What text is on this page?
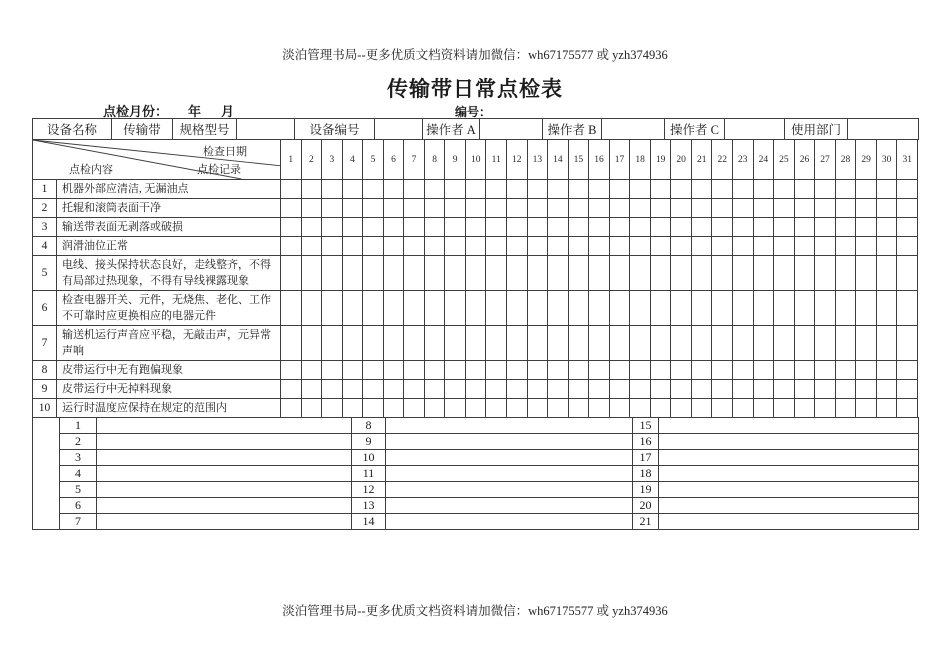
淡泊管理书局--更多优质文档资料请加微信：wh67175577 或 yzh374936
传输带日常点检表
点检月份： 年 月	编号：
设备名称	传输带	规格型号		设备编号		操作者 A		操作者 B		操作者 C		使用部门	
检查日期
点检内容 点检记录		1	2	3	4	5	6	7	8	9	10	11	12	13	14	15	16	17	18	19	20	21	22	23	24	25	26	27	28	29	30	31
1	机器外部应清洁, 无漏油点																															
2	托辊和滚筒表面干净																															
3	输送带表面无剥落或破损																															
4	润滑油位正常																															
5	电线、接头保持状态良好，走线整齐，不得有局部过热现象，不得有导线裸露现象																															
6	检查电器开关、元件，无烧焦、老化、工作不可靠时应更换相应的电器元件																															
7	输送机运行声音应平稳，无敲击声，元异常声响																															
8	皮带运行中无有跑偏现象																															
9	皮带运行中无掉料现象																															
10	运行时温度应保持在规定的范围内																															
	1		8		15	
	2		9		16	
	3		10		17	
	4		11		18	
	5		12		19	
	6		13		20	
	7		14		21	
淡泊管理书局--更多优质文档资料请加微信：wh67175577 或 yzh374936
